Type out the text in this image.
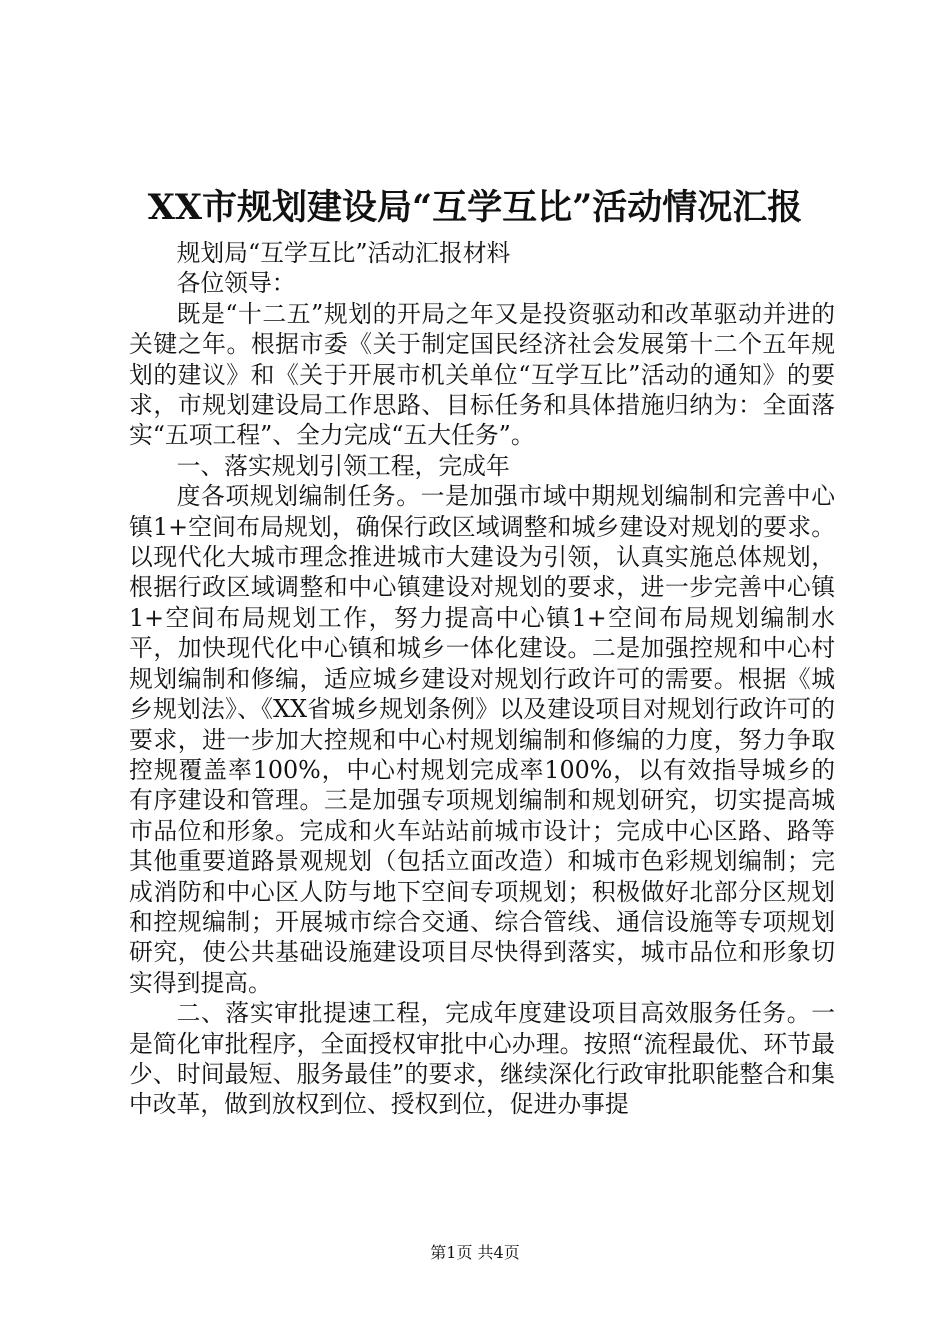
XX市规划建设局“互学互比”活动情况汇报

规划局“互学互比”活动汇报材料

各位领导：

既是“十二五”规划的开局之年又是投资驱动和改革驱动并进的关键之年。根据市委《关于制定国民经济社会发展第十二个五年规划的建议》和《关于开展市机关单位“互学互比”活动的通知》的要求，市规划建设局工作思路、目标任务和具体措施归纳为：全面落实“五项工程”、全力完成“五大任务”。

一、落实规划引领工程，完成年

度各项规划编制任务。一是加强市域中期规划编制和完善中心镇1+空间布局规划，确保行政区域调整和城乡建设对规划的要求。以现代化大城市理念推进城市大建设为引领，认真实施总体规划，根据行政区域调整和中心镇建设对规划的要求，进一步完善中心镇1+空间布局规划工作，努力提高中心镇1+空间布局规划编制水平，加快现代化中心镇和城乡一体化建设。二是加强控规和中心村规划编制和修编，适应城乡建设对规划行政许可的需要。根据《城乡规划法》、《XX省城乡规划条例》以及建设项目对规划行政许可的要求，进一步加大控规和中心村规划编制和修编的力度，努力争取控规覆盖率100%，中心村规划完成率100%，以有效指导城乡的有序建设和管理。三是加强专项规划编制和规划研究，切实提高城市品位和形象。完成和火车站站前城市设计；完成中心区路、路等其他重要道路景观规划（包括立面改造）和城市色彩规划编制；完成消防和中心区人防与地下空间专项规划；积极做好北部分区规划和控规编制；开展城市综合交通、综合管线、通信设施等专项规划研究，使公共基础设施建设项目尽快得到落实，城市品位和形象切实得到提高。

二、落实审批提速工程，完成年度建设项目高效服务任务。一是简化审批程序，全面授权审批中心办理。按照“流程最优、环节最少、时间最短、服务最佳”的要求，继续深化行政审批职能整合和集中改革，做到放权到位、授权到位，促进办事提

第1页 共4页
